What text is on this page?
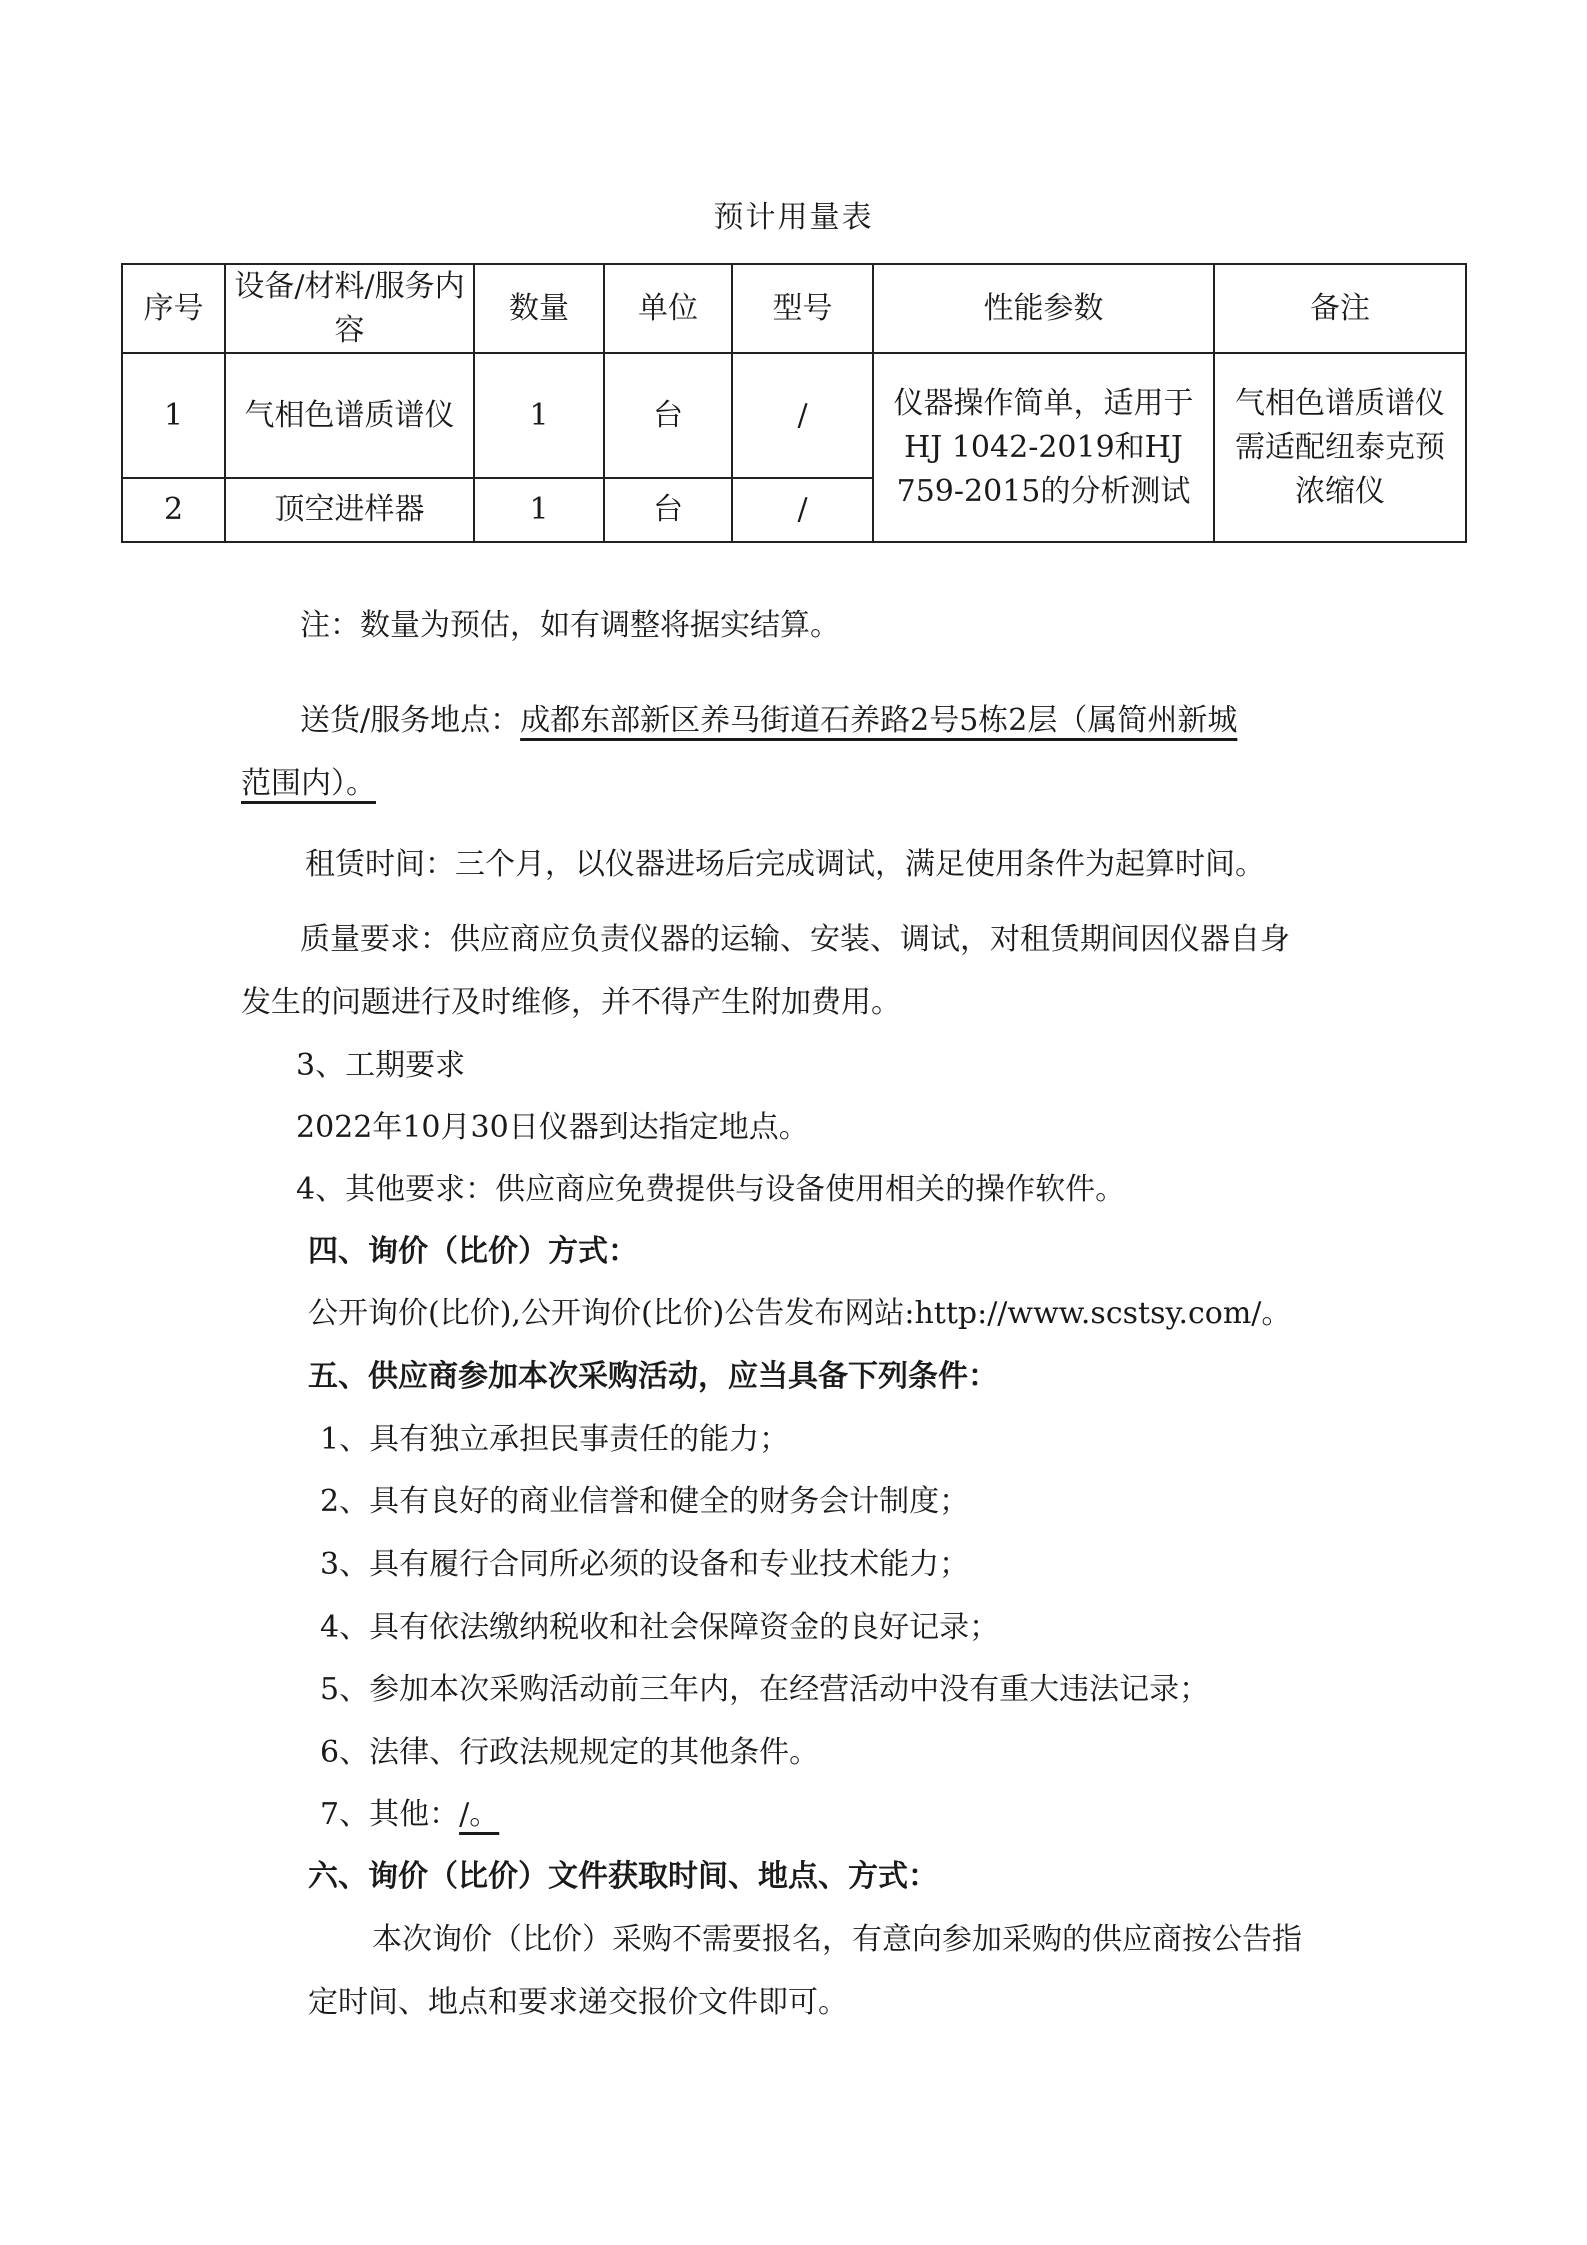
预计用量表
序号	设备/材料/服务内容	数量	单位	型号	性能参数	备注
1	气相色谱质谱仪	1	台	/	仪器操作简单，适用于HJ 1042-2019和HJ 759-2015的分析测试	气相色谱质谱仪需适配纽泰克预浓缩仪
2	顶空进样器	1	台	/		
注：数量为预估，如有调整将据实结算。
送货/服务地点：成都东部新区养马街道石养路2号5栋2层（属简州新城
范围内）。
租赁时间：三个月，以仪器进场后完成调试，满足使用条件为起算时间。
质量要求：供应商应负责仪器的运输、安装、调试，对租赁期间因仪器自身
发生的问题进行及时维修，并不得产生附加费用。
3、工期要求
2022年10月30日仪器到达指定地点。
4、其他要求：供应商应免费提供与设备使用相关的操作软件。
四、询价（比价）方式：
公开询价(比价),公开询价(比价)公告发布网站:http://www.scstsy.com/。
五、供应商参加本次采购活动，应当具备下列条件：
1、具有独立承担民事责任的能力；
2、具有良好的商业信誉和健全的财务会计制度；
3、具有履行合同所必须的设备和专业技术能力；
4、具有依法缴纳税收和社会保障资金的良好记录；
5、参加本次采购活动前三年内，在经营活动中没有重大违法记录；
6、法律、行政法规规定的其他条件。
7、其他：/。
六、询价（比价）文件获取时间、地点、方式：
本次询价（比价）采购不需要报名，有意向参加采购的供应商按公告指
定时间、地点和要求递交报价文件即可。
